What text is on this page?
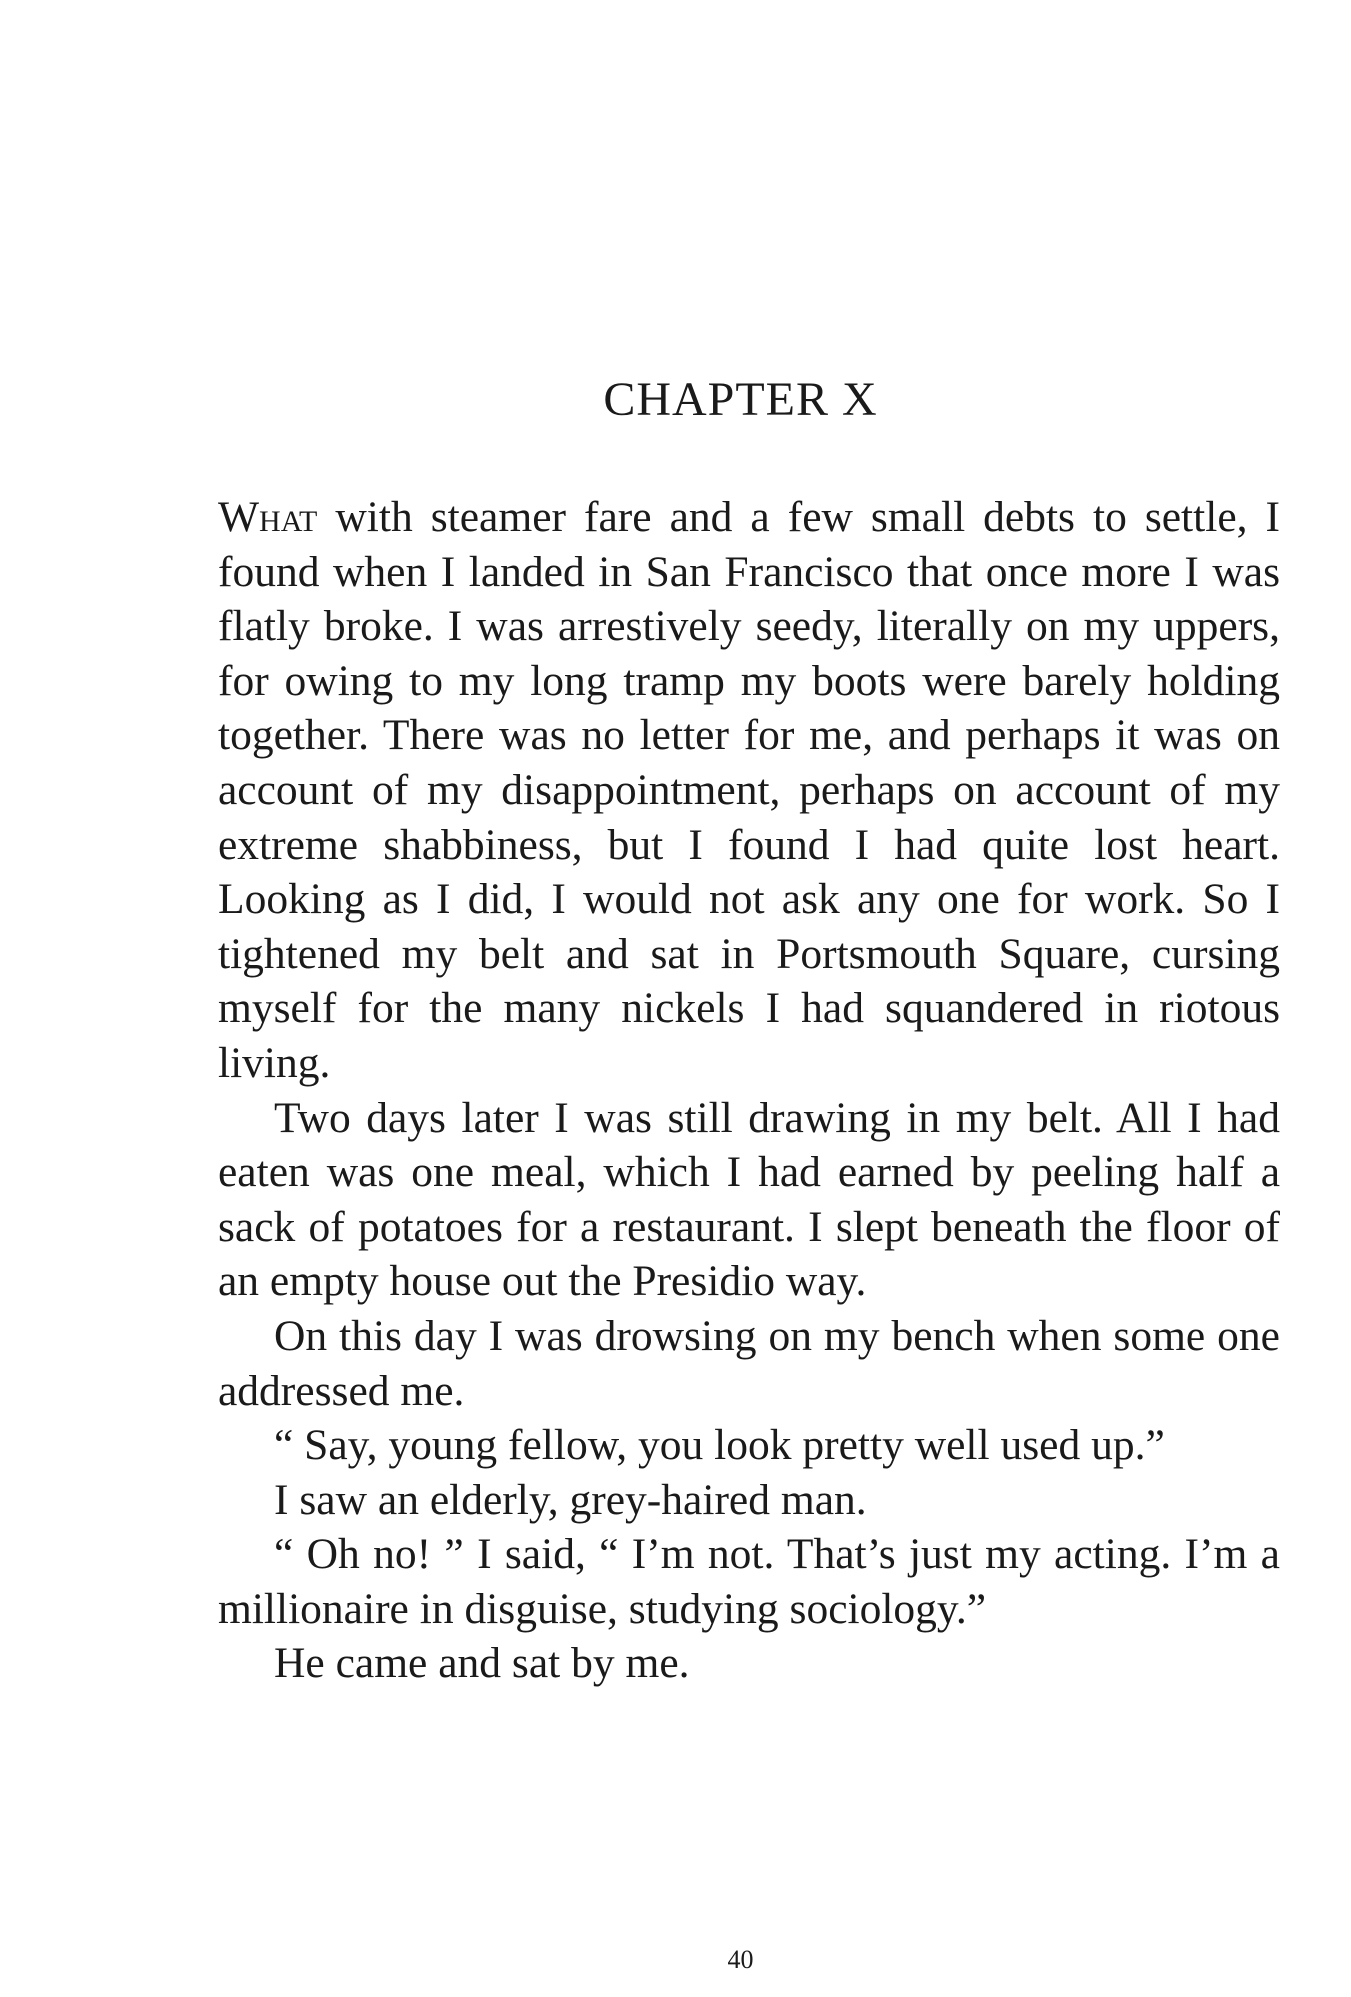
CHAPTER X

What with steamer fare and a few small debts to settle, I found when I landed in San Francisco that once more I was flatly broke. I was arrestively seedy, literally on my uppers, for owing to my long tramp my boots were barely holding together. There was no letter for me, and perhaps it was on account of my disappointment, perhaps on account of my extreme shabbiness, but I found I had quite lost heart. Looking as I did, I would not ask any one for work. So I tightened my belt and sat in Portsmouth Square, cursing myself for the many nickels I had squandered in riotous living.

Two days later I was still drawing in my belt. All I had eaten was one meal, which I had earned by peeling half a sack of potatoes for a restaurant. I slept beneath the floor of an empty house out the Presidio way.

On this day I was drowsing on my bench when some one addressed me.

“ Say, young fellow, you look pretty well used up.”

I saw an elderly, grey-haired man.

“ Oh no! ” I said, “ I’m not. That’s just my acting. I’m a millionaire in disguise, studying sociology.”

He came and sat by me.

40
